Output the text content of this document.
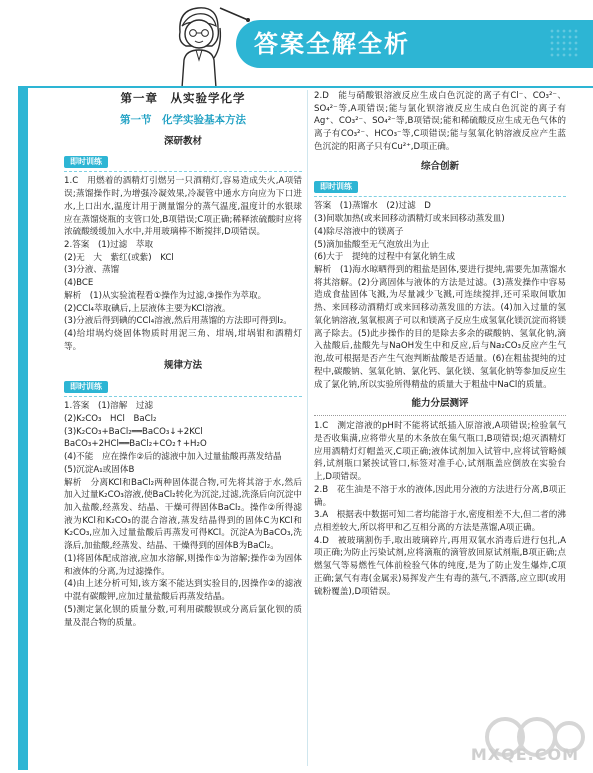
答案全解全析
第一章　从实验学化学
第一节　化学实验基本方法
深研教材
即时训练

1.C　用燃着的酒精灯引燃另一只酒精灯,容易造成失火,A项错误;蒸馏操作时,为增强冷凝效果,冷凝管中通水方向应为下口进水,上口出水,温度计用于测量馏分的蒸气温度,温度计的水银球应在蒸馏烧瓶的支管口处,B项错误;C项正确;稀释浓硫酸时应将浓硫酸缓缓加入水中,并用玻璃棒不断搅拌,D项错误。

2.答案　(1)过滤　萃取

(2)无　大　紫红(或紫)　KCl

(3)分液、蒸馏

(4)BCE

解析　(1)从实验流程看①操作为过滤,③操作为萃取。

(2)CCl₄萃取碘后,上层液体主要为KCl溶液。

(3)分液后得到碘的CCl₄溶液,然后用蒸馏的方法即可得到I₂。

(4)给坩埚灼烧固体物质时用泥三角、坩埚,坩埚钳和酒精灯等。

规律方法
即时训练

1.答案　(1)溶解　过滤

(2)K₂CO₃　HCl　BaCl₂

(3)K₂CO₃+BaCl₂══BaCO₃↓+2KCl　BaCO₃+2HCl══BaCl₂+CO₂↑+H₂O

(4)不能　应在操作②后的滤液中加入过量盐酸再蒸发结晶

(5)沉淀A₁或固体B

解析　分离KCl和BaCl₂两种固体混合物,可先将其溶于水,然后加入过量K₂CO₃溶液,使BaCl₂转化为沉淀,过滤,洗涤后向沉淀中加入盐酸,经蒸发、结晶、干燥可得固体BaCl₂。操作②所得滤液为KCl和K₂CO₃的混合溶液,蒸发结晶得到的固体C为KCl和K₂CO₃,应加入过量盐酸后再蒸发可得KCl。沉淀A为BaCO₃,洗涤后,加盐酸,经蒸发、结晶、干燥得到的固体B为BaCl₂。

(1)将固体配成溶液,应加水溶解,则操作①为溶解;操作②为固体和液体的分离,为过滤操作。

(4)由上述分析可知,该方案不能达到实验目的,因操作②的滤液中混有碳酸钾,应加过量盐酸后再蒸发结晶。

(5)测定氯化钡的质量分数,可利用碳酸钡或分离后氯化钡的质量及混合物的质量。

2.D　能与硝酸银溶液反应生成白色沉淀的离子有Cl⁻、CO₃²⁻、SO₄²⁻等,A项错误;能与氯化钡溶液反应生成白色沉淀的离子有Ag⁺、CO₃²⁻、SO₄²⁻等,B项错误;能和稀硫酸反应生成无色气体的离子有CO₃²⁻、HCO₃⁻等,C项错误;能与氢氧化钠溶液反应产生蓝色沉淀的阳离子只有Cu²⁺,D项正确。

综合创新
即时训练

答案　(1)蒸馏水　(2)过滤　D

(3)间歇加热(或来回移动酒精灯或来回移动蒸发皿)

(4)除尽溶液中的镁离子

(5)滴加盐酸至无气泡放出为止

(6)大于　提纯的过程中有氯化钠生成

解析　(1)海水晾晒得到的粗盐是固体,要进行提纯,需要先加蒸馏水将其溶解。(2)分离固体与液体的方法是过滤。(3)蒸发操作中容易造成食盐固体飞溅,为尽量减少飞溅,可连续搅拌,还可采取间歇加热、来回移动酒精灯或来回移动蒸发皿的方法。(4)加入过量的氢氧化钠溶液,氢氧根离子可以和镁离子反应生成氢氧化镁沉淀而将镁离子除去。(5)此步操作的目的是除去多余的碳酸钠、氢氧化钠,滴入盐酸后,盐酸先与NaOH发生中和反应,后与Na₂CO₃反应产生气泡,故可根据是否产生气泡判断盐酸是否适量。(6)在粗盐提纯的过程中,碳酸钠、氢氧化钠、氯化钙、氯化镁、氢氧化钠等参加反应生成了氯化钠,所以实验所得精盐的质量大于粗盐中NaCl的质量。

能力分层测评

1.C　测定溶液的pH时不能将试纸插入原溶液,A项错误;检验氧气是否收集满,应将带火星的木条放在集气瓶口,B项错误;熄灭酒精灯应用酒精灯灯帽盖灭,C项正确;液体试剂加入试管中,应将试管略倾斜,试剂瓶口紧挨试管口,标签对准手心,试剂瓶盖应倒放在实验台上,D项错误。

2.B　花生油是不溶于水的液体,因此用分液的方法进行分离,B项正确。

3.A　根据表中数据可知二者均能溶于水,密度相差不大,但二者的沸点相差较大,所以将甲和乙互相分离的方法是蒸馏,A项正确。

4.D　被玻璃割伤手,取出玻璃碎片,再用双氧水消毒后进行包扎,A项正确;为防止污染试剂,应将滴瓶的滴管放回原试剂瓶,B项正确;点燃氢气等易燃性气体前检验气体的纯度,是为了防止发生爆炸,C项正确;氯气有毒(金属汞)易挥发产生有毒的蒸气,不洒落,应立即(或用硫粉覆盖),D项错误。

MXQE.COM
